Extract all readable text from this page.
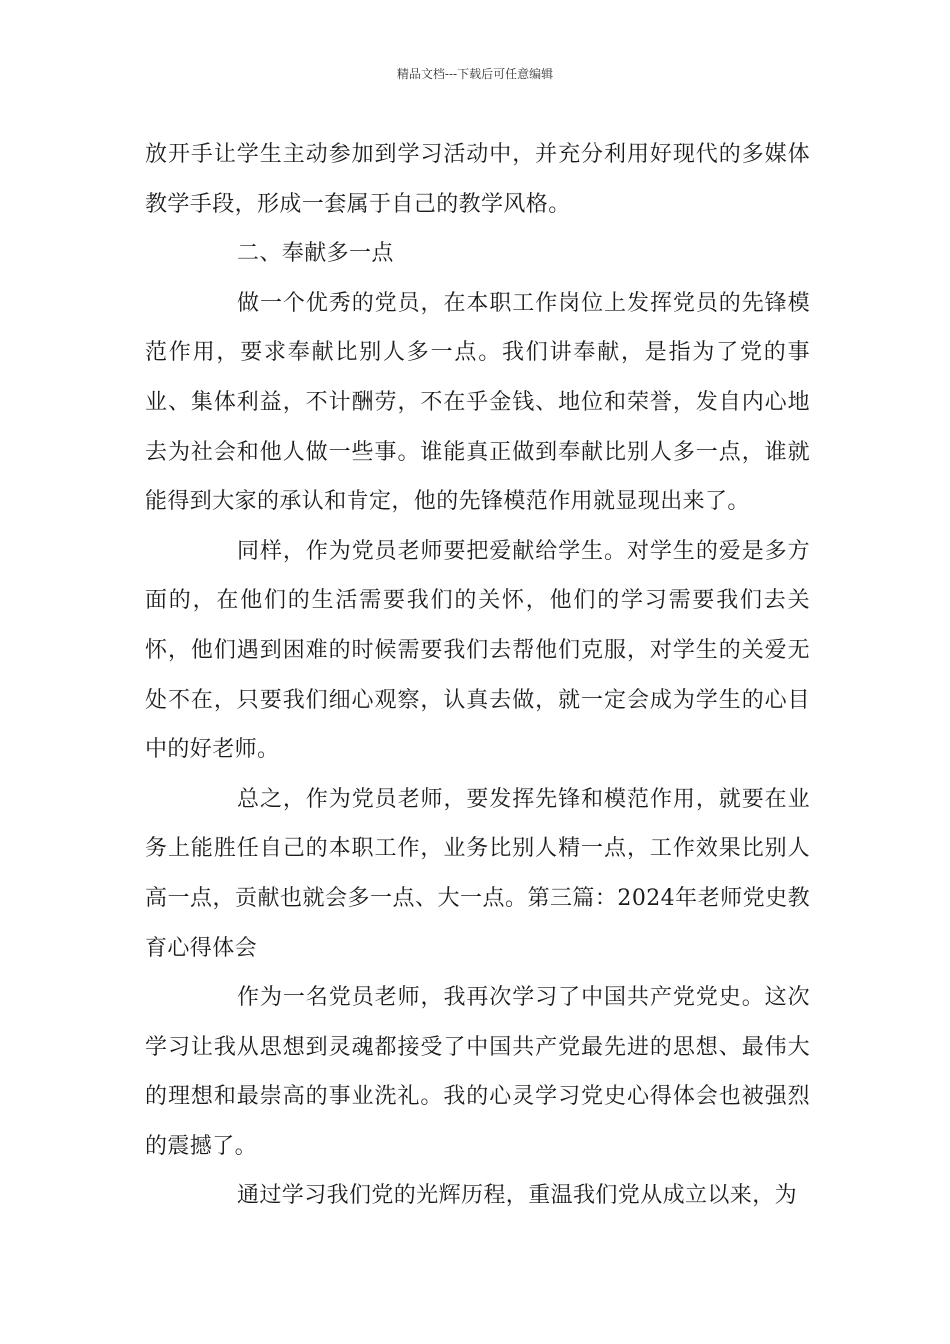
精品文档---下载后可任意编辑

放开手让学生主动参加到学习活动中，并充分利用好现代的多媒体教学手段，形成一套属于自己的教学风格。

二、奉献多一点

做一个优秀的党员，在本职工作岗位上发挥党员的先锋模范作用，要求奉献比别人多一点。我们讲奉献，是指为了党的事业、集体利益，不计酬劳，不在乎金钱、地位和荣誉，发自内心地去为社会和他人做一些事。谁能真正做到奉献比别人多一点，谁就能得到大家的承认和肯定，他的先锋模范作用就显现出来了。

同样，作为党员老师要把爱献给学生。对学生的爱是多方面的，在他们的生活需要我们的关怀，他们的学习需要我们去关怀，他们遇到困难的时候需要我们去帮他们克服，对学生的关爱无处不在，只要我们细心观察，认真去做，就一定会成为学生的心目中的好老师。

总之，作为党员老师，要发挥先锋和模范作用，就要在业务上能胜任自己的本职工作，业务比别人精一点，工作效果比别人高一点，贡献也就会多一点、大一点。第三篇：2024年老师党史教育心得体会

作为一名党员老师，我再次学习了中国共产党党史。这次学习让我从思想到灵魂都接受了中国共产党最先进的思想、最伟大的理想和最崇高的事业洗礼。我的心灵学习党史心得体会也被强烈的震撼了。

通过学习我们党的光辉历程，重温我们党从成立以来，为
